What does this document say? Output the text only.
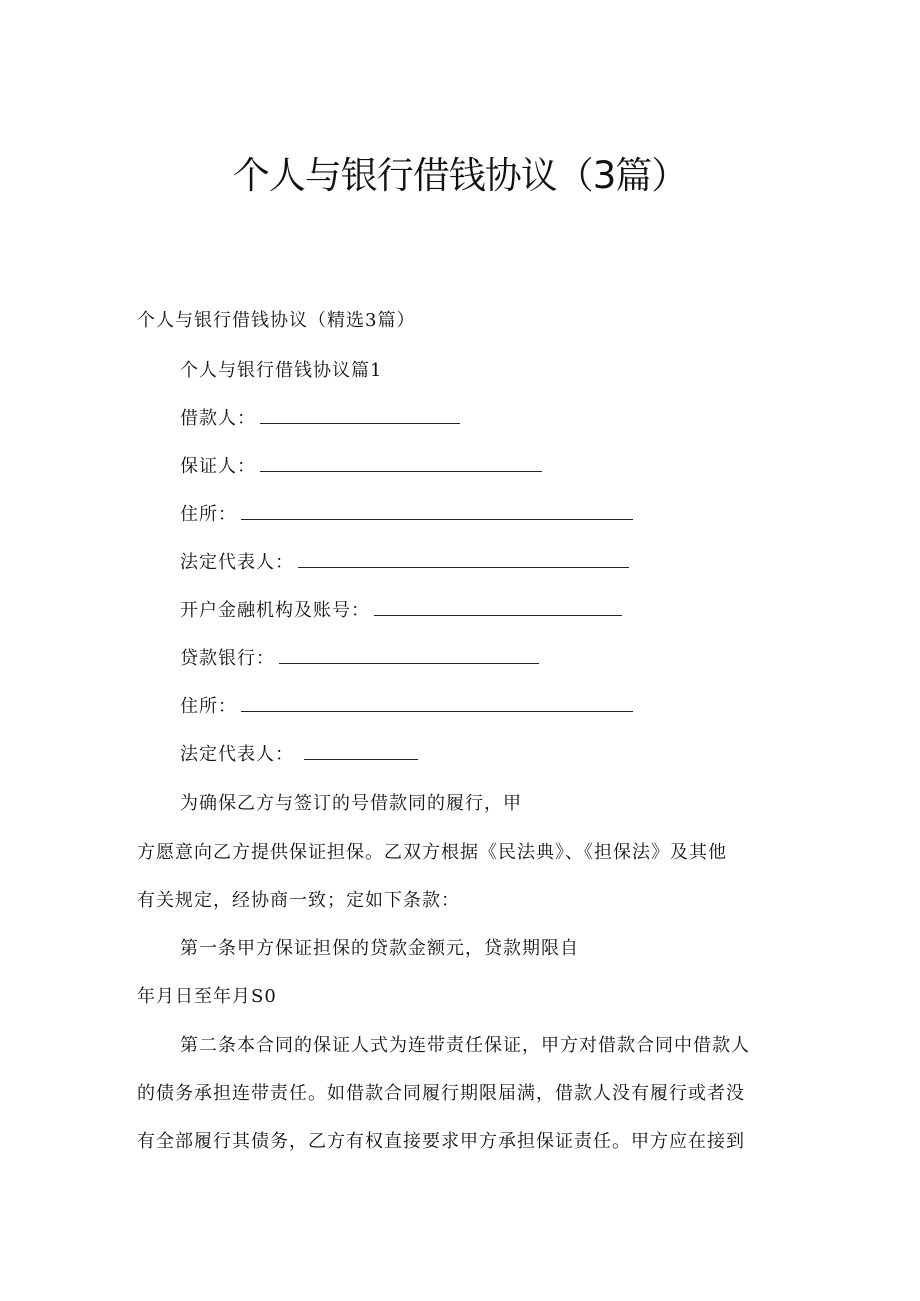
个人与银行借钱协议（3篇）
个人与银行借钱协议（精选3篇）
个人与银行借钱协议篇1
借款人：
保证人：
住所：
法定代表人：
开户金融机构及账号：
贷款银行：
住所：
法定代表人：
为确保乙方与签订的号借款同的履行，甲
方愿意向乙方提供保证担保。乙双方根据《民法典》、《担保法》及其他
有关规定，经协商一致；定如下条款：
第一条甲方保证担保的贷款金额元，贷款期限自
年月日至年月S0
第二条本合同的保证人式为连带责任保证，甲方对借款合同中借款人
的债务承担连带责任。如借款合同履行期限届满，借款人没有履行或者没
有全部履行其债务，乙方有权直接要求甲方承担保证责任。甲方应在接到
